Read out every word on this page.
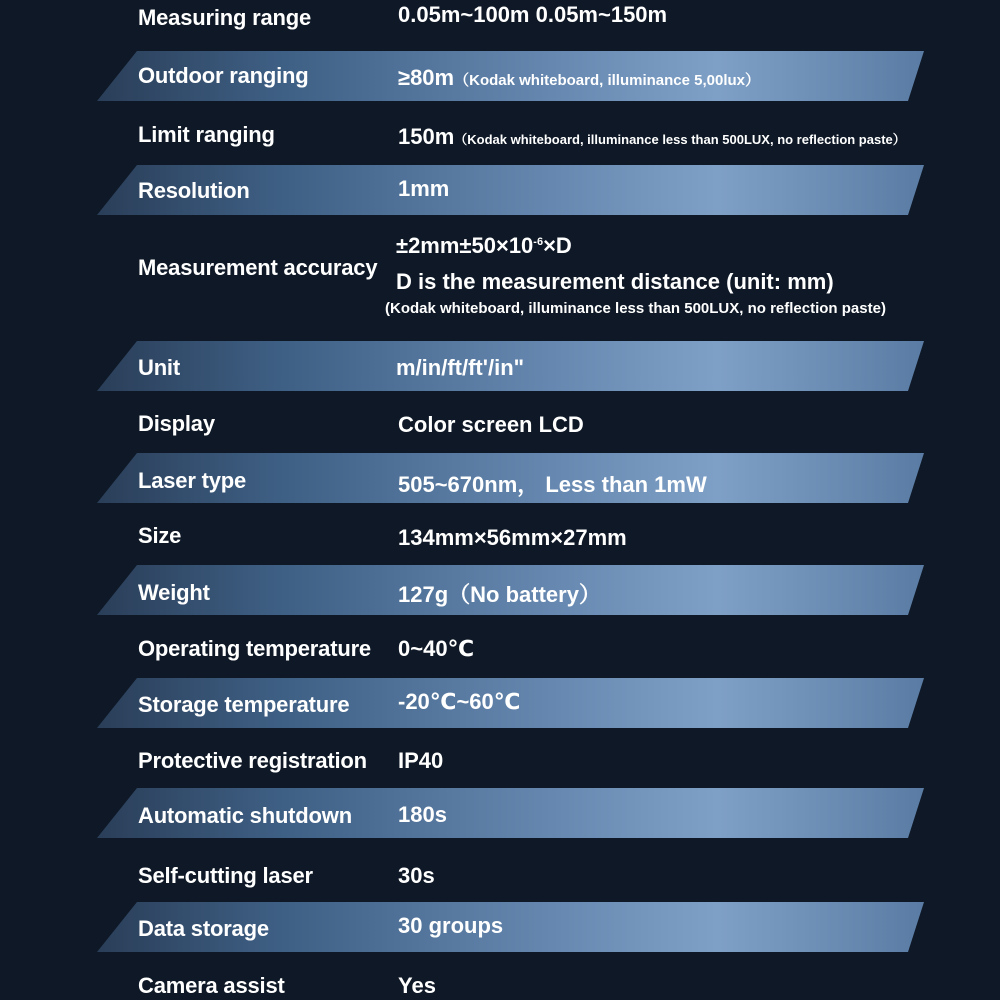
Measuring range	0.05m~100m⁠ 0.05m~150m
Outdoor ranging	≥80m（Kodak whiteboard, illuminance 5,00lux）
Limit ranging	150m（Kodak whiteboard, illuminance less than 500LUX, no reflection paste）
Resolution	1mm
Measurement accuracy
$\pm 2mm\pm 50\times 10^{-6}\times D$
D is the measurement distance (unit: mm)
(Kodak whiteboard, illuminance less than 500LUX, no reflection paste)
Unit	m/in/ft/ft'/in"
Display	Color screen LCD
Laser type	505~670nm， Less than 1mW
Size	134mm×56mm×27mm
Weight	127g（No battery）
Operating temperature 0~40℃
Storage temperature -20℃~60℃
Protective registration IP40
Automatic shutdown 180s
Self-cutting laser	30s
Data storage	30 groups
Camera assist	Yes
